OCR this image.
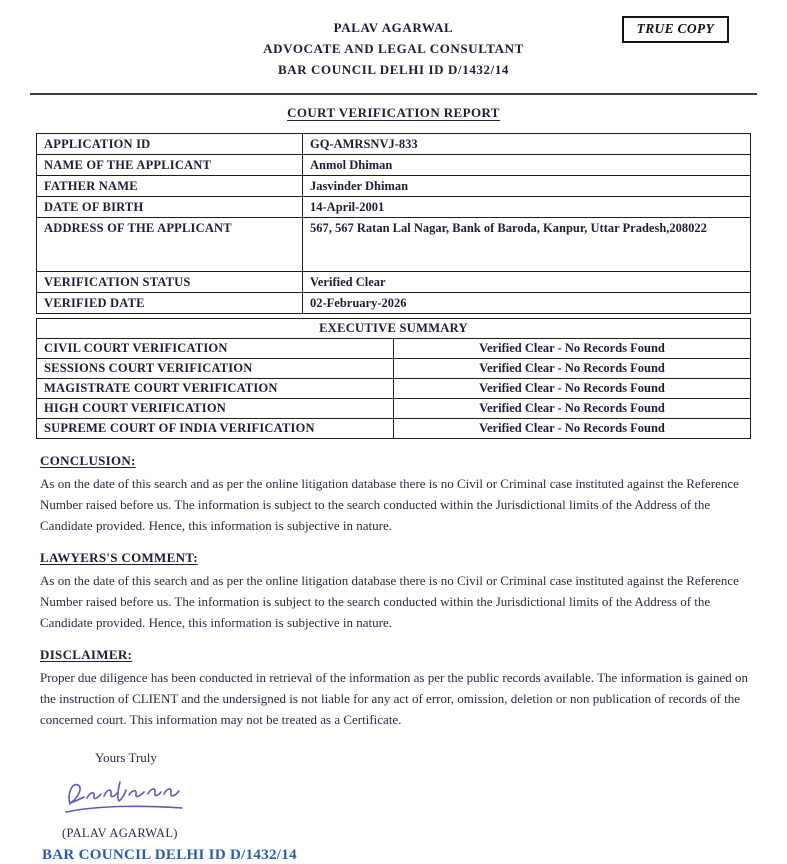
TRUE COPY
PALAV AGARWAL
ADVOCATE AND LEGAL CONSULTANT
BAR COUNCIL DELHI ID D/1432/14
COURT VERIFICATION REPORT
APPLICATION ID	GQ-AMRSNVJ-833
NAME OF THE APPLICANT	Anmol Dhiman
FATHER NAME	Jasvinder Dhiman
DATE OF BIRTH	14-April-2001
ADDRESS OF THE APPLICANT	567, 567 Ratan Lal Nagar, Bank of Baroda, Kanpur, Uttar Pradesh,208022
VERIFICATION STATUS	Verified Clear
VERIFIED DATE	02-February-2026
EXECUTIVE SUMMARY	
CIVIL COURT VERIFICATION	Verified Clear - No Records Found
SESSIONS COURT VERIFICATION	Verified Clear - No Records Found
MAGISTRATE COURT VERIFICATION	Verified Clear - No Records Found
HIGH COURT VERIFICATION	Verified Clear - No Records Found
SUPREME COURT OF INDIA VERIFICATION	Verified Clear - No Records Found
CONCLUSION:
As on the date of this search and as per the online litigation database there is no Civil or Criminal case instituted against the Reference Number raised before us. The information is subject to the search conducted within the Jurisdictional limits of the Address of the Candidate provided. Hence, this information is subjective in nature.
LAWYERS'S COMMENT:
As on the date of this search and as per the online litigation database there is no Civil or Criminal case instituted against the Reference Number raised before us. The information is subject to the search conducted within the Jurisdictional limits of the Address of the Candidate provided. Hence, this information is subjective in nature.
DISCLAIMER:
Proper due diligence has been conducted in retrieval of the information as per the public records available. The information is gained on the instruction of CLIENT and the undersigned is not liable for any act of error, omission, deletion or non publication of records of the concerned court. This information may not be treated as a Certificate.
Yours Truly
(PALAV AGARWAL)
BAR COUNCIL DELHI ID D/1432/14
